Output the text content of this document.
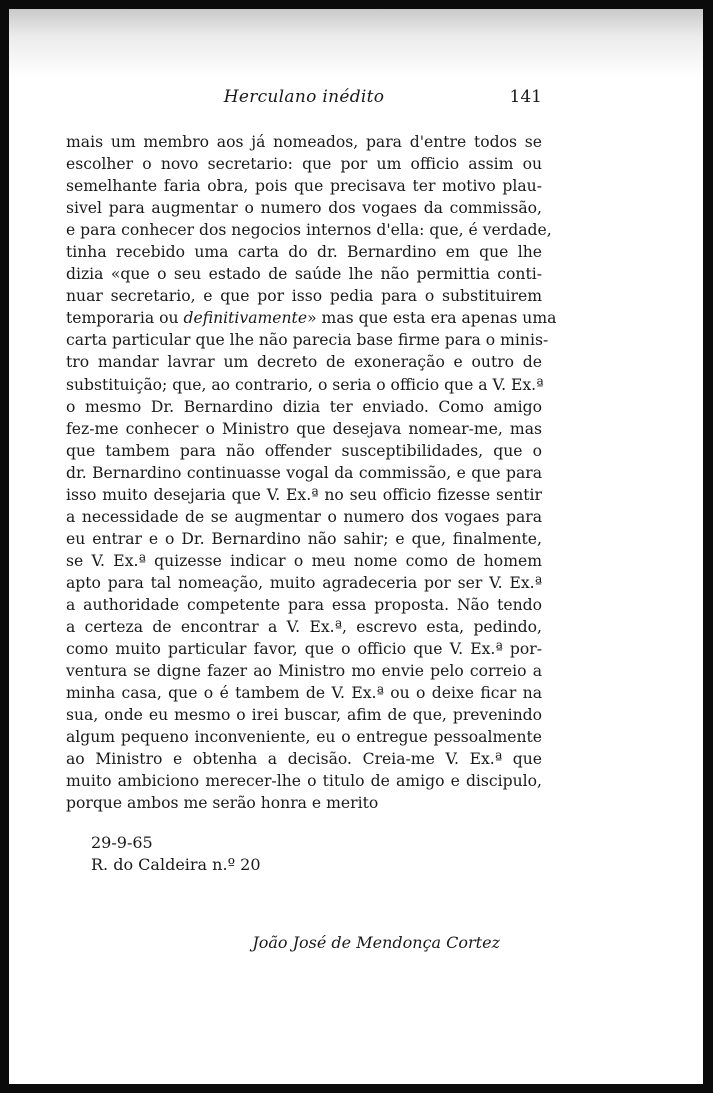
Herculano inédito	141
mais um membro aos já nomeados, para d'entre todos se
escolher o novo secretario: que por um officio assim ou
semelhante faria obra, pois que precisava ter motivo plau-
sivel para augmentar o numero dos vogaes da commissão,
e para conhecer dos negocios internos d'ella: que, é verdade,
tinha recebido uma carta do dr. Bernardino em que lhe
dizia «que o seu estado de saúde lhe não permittia conti-
nuar secretario, e que por isso pedia para o substituirem
temporaria ou definitivamente» mas que esta era apenas uma
carta particular que lhe não parecia base firme para o minis-
tro mandar lavrar um decreto de exoneração e outro de
substituição; que, ao contrario, o seria o officio que a V. Ex.ª
o mesmo Dr. Bernardino dizia ter enviado. Como amigo
fez-me conhecer o Ministro que desejava nomear-me, mas
que tambem para não offender susceptibilidades, que o
dr. Bernardino continuasse vogal da commissão, e que para
isso muito desejaria que V. Ex.ª no seu officio fizesse sentir
a necessidade de se augmentar o numero dos vogaes para
eu entrar e o Dr. Bernardino não sahir; e que, finalmente,
se V. Ex.ª quizesse indicar o meu nome como de homem
apto para tal nomeação, muito agradeceria por ser V. Ex.ª
a authoridade competente para essa proposta. Não tendo
a certeza de encontrar a V. Ex.ª, escrevo esta, pedindo,
como muito particular favor, que o officio que V. Ex.ª por-
ventura se digne fazer ao Ministro mo envie pelo correio a
minha casa, que o é tambem de V. Ex.ª ou o deixe ficar na
sua, onde eu mesmo o irei buscar, afim de que, prevenindo
algum pequeno inconveniente, eu o entregue pessoalmente
ao Ministro e obtenha a decisão. Creia-me V. Ex.ª que
muito ambiciono merecer-lhe o titulo de amigo e discipulo,
porque ambos me serão honra e merito
29-9-65
R. do Caldeira n.º 20
João José de Mendonça Cortez
